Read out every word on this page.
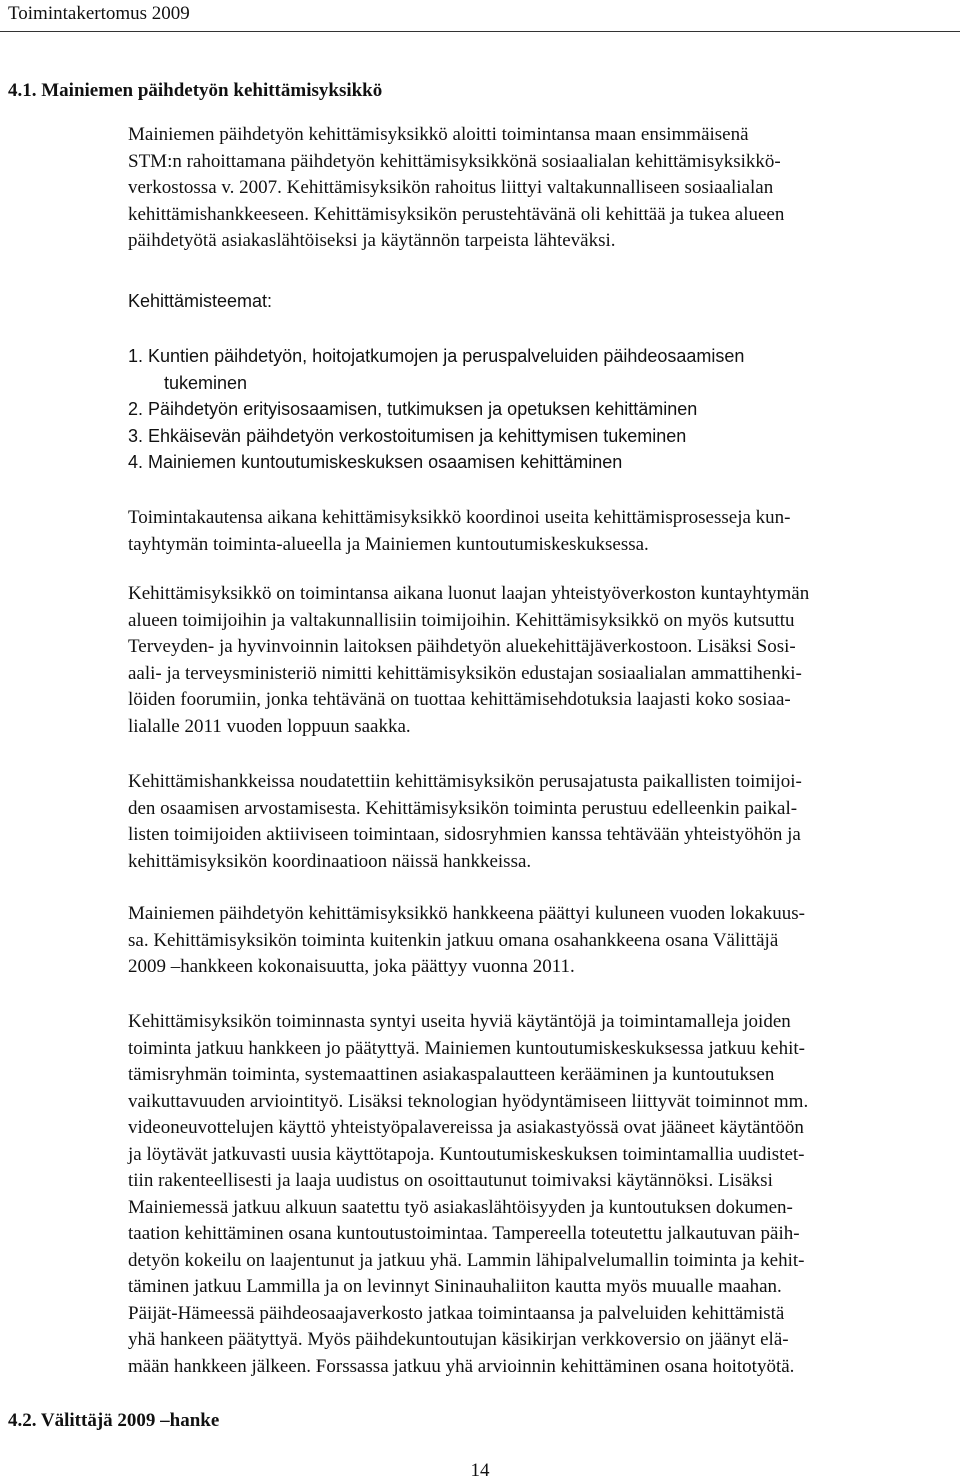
Toimintakertomus 2009
4.1. Mainiemen päihdetyön kehittämisyksikkö
Mainiemen päihdetyön kehittämisyksikkö aloitti toimintansa maan ensimmäisenä
STM:n rahoittamana päihdetyön kehittämisyksikkönä sosiaalialan kehittämisyksikkö-
verkostossa v. 2007. Kehittämisyksikön rahoitus liittyi valtakunnalliseen sosiaalialan
kehittämishankkeeseen. Kehittämisyksikön perustehtävänä oli kehittää ja tukea alueen
päihdetyötä asiakaslähtöiseksi ja käytännön tarpeista lähteväksi.
Kehittämisteemat:
1. Kuntien päihdetyön, hoitojatkumojen ja peruspalveluiden päihdeosaamisen
tukeminen
2. Päihdetyön erityisosaamisen, tutkimuksen ja opetuksen kehittäminen
3. Ehkäisevän päihdetyön verkostoitumisen ja kehittymisen tukeminen
4. Mainiemen kuntoutumiskeskuksen osaamisen kehittäminen
Toimintakautensa aikana kehittämisyksikkö koordinoi useita kehittämisprosesseja kun-
tayhtymän toiminta-alueella ja Mainiemen kuntoutumiskeskuksessa.
Kehittämisyksikkö on toimintansa aikana luonut laajan yhteistyöverkoston kuntayhtymän
alueen toimijoihin ja valtakunnallisiin toimijoihin. Kehittämisyksikkö on myös kutsuttu
Terveyden- ja hyvinvoinnin laitoksen päihdetyön aluekehittäjäverkostoon. Lisäksi Sosi-
aali- ja terveysministeriö nimitti kehittämisyksikön edustajan sosiaalialan ammattihenki-
löiden foorumiin, jonka tehtävänä on tuottaa kehittämisehdotuksia laajasti koko sosiaa-
lialalle 2011 vuoden loppuun saakka.
Kehittämishankkeissa noudatettiin kehittämisyksikön perusajatusta paikallisten toimijoi-
den osaamisen arvostamisesta. Kehittämisyksikön toiminta perustuu edelleenkin paikal-
listen toimijoiden aktiiviseen toimintaan, sidosryhmien kanssa tehtävään yhteistyöhön ja
kehittämisyksikön koordinaatioon näissä hankkeissa.
Mainiemen päihdetyön kehittämisyksikkö hankkeena päättyi kuluneen vuoden lokakuus-
sa. Kehittämisyksikön toiminta kuitenkin jatkuu omana osahankkeena osana Välittäjä
2009 –hankkeen kokonaisuutta, joka päättyy vuonna 2011.
Kehittämisyksikön toiminnasta syntyi useita hyviä käytäntöjä ja toimintamalleja joiden
toiminta jatkuu hankkeen jo päätyttyä. Mainiemen kuntoutumiskeskuksessa jatkuu kehit-
tämisryhmän toiminta, systemaattinen asiakaspalautteen kerääminen ja kuntoutuksen
vaikuttavuuden arviointityö. Lisäksi teknologian hyödyntämiseen liittyvät toiminnot mm.
videoneuvottelujen käyttö yhteistyöpalavereissa ja asiakastyössä ovat jääneet käytäntöön
ja löytävät jatkuvasti uusia käyttötapoja. Kuntoutumiskeskuksen toimintamallia uudistet-
tiin rakenteellisesti ja laaja uudistus on osoittautunut toimivaksi käytännöksi. Lisäksi
Mainiemessä jatkuu alkuun saatettu työ asiakaslähtöisyyden ja kuntoutuksen dokumen-
taation kehittäminen osana kuntoutustoimintaa. Tampereella toteutettu jalkautuvan päih-
detyön kokeilu on laajentunut ja jatkuu yhä. Lammin lähipalvelumallin toiminta ja kehit-
täminen jatkuu Lammilla ja on levinnyt Sininauhaliiton kautta myös muualle maahan.
Päijät-Hämeessä päihdeosaajaverkosto jatkaa toimintaansa ja palveluiden kehittämistä
yhä hankeen päätyttyä. Myös päihdekuntoutujan käsikirjan verkkoversio on jäänyt elä-
mään hankkeen jälkeen. Forssassa jatkuu yhä arvioinnin kehittäminen osana hoitotyötä.
4.2. Välittäjä 2009 –hanke
14
